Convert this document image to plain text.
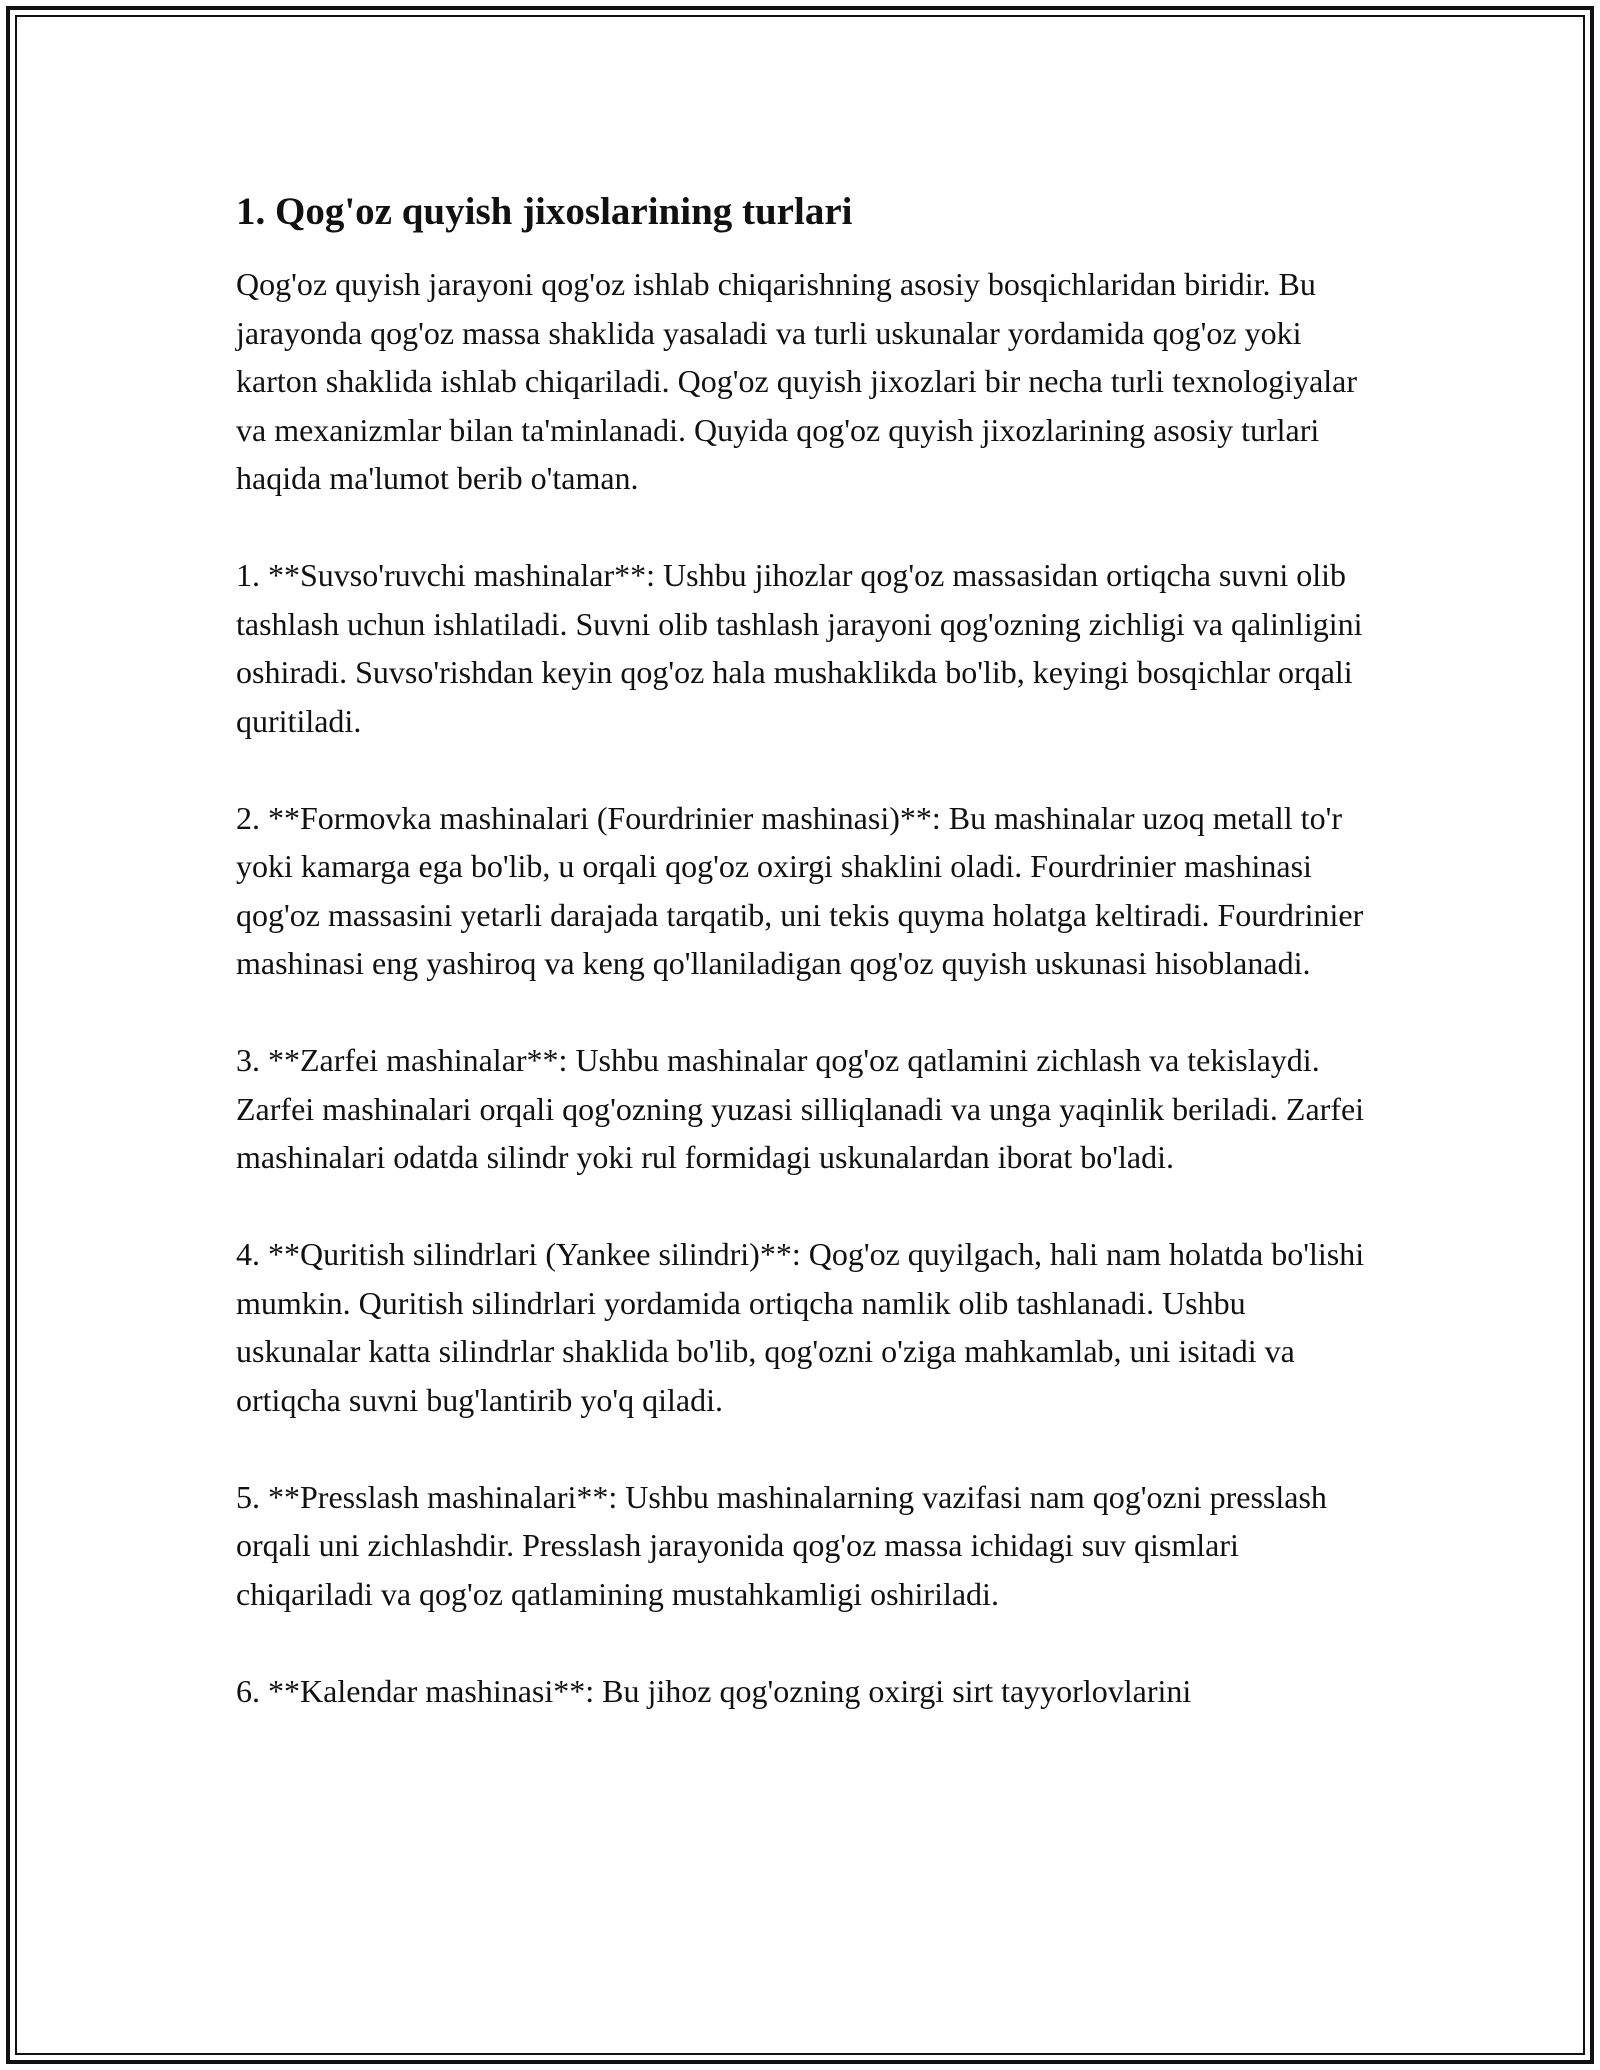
1. Qog'oz quyish jixoslarining turlari

Qog'oz quyish jarayoni qog'oz ishlab chiqarishning asosiy bosqichlaridan biridir. Bu jarayonda qog'oz massa shaklida yasaladi va turli uskunalar yordamida qog'oz yoki karton shaklida ishlab chiqariladi. Qog'oz quyish jixozlari bir necha turli texnologiyalar va mexanizmlar bilan ta'minlanadi. Quyida qog'oz quyish jixozlarining asosiy turlari haqida ma'lumot berib o'taman.

1. **Suvso'ruvchi mashinalar**: Ushbu jihozlar qog'oz massasidan ortiqcha suvni olib tashlash uchun ishlatiladi. Suvni olib tashlash jarayoni qog'ozning zichligi va qalinligini oshiradi. Suvso'rishdan keyin qog'oz hala mushaklikda bo'lib, keyingi bosqichlar orqali quritiladi.

2. **Formovka mashinalari (Fourdrinier mashinasi)**: Bu mashinalar uzoq metall to'r yoki kamarga ega bo'lib, u orqali qog'oz oxirgi shaklini oladi. Fourdrinier mashinasi qog'oz massasini yetarli darajada tarqatib, uni tekis quyma holatga keltiradi. Fourdrinier mashinasi eng yashiroq va keng qo'llaniladigan qog'oz quyish uskunasi hisoblanadi.

3. **Zarfei mashinalar**: Ushbu mashinalar qog'oz qatlamini zichlash va tekislaydi. Zarfei mashinalari orqali qog'ozning yuzasi silliqlanadi va unga yaqinlik beriladi. Zarfei mashinalari odatda silindr yoki rul formidagi uskunalardan iborat bo'ladi.

4. **Quritish silindrlari (Yankee silindri)**: Qog'oz quyilgach, hali nam holatda bo'lishi mumkin. Quritish silindrlari yordamida ortiqcha namlik olib tashlanadi. Ushbu uskunalar katta silindrlar shaklida bo'lib, qog'ozni o'ziga mahkamlab, uni isitadi va ortiqcha suvni bug'lantirib yo'q qiladi.

5. **Presslash mashinalari**: Ushbu mashinalarning vazifasi nam qog'ozni presslash orqali uni zichlashdir. Presslash jarayonida qog'oz massa ichidagi suv qismlari chiqariladi va qog'oz qatlamining mustahkamligi oshiriladi.

6. **Kalendar mashinasi**: Bu jihoz qog'ozning oxirgi sirt tayyorlovlarini
